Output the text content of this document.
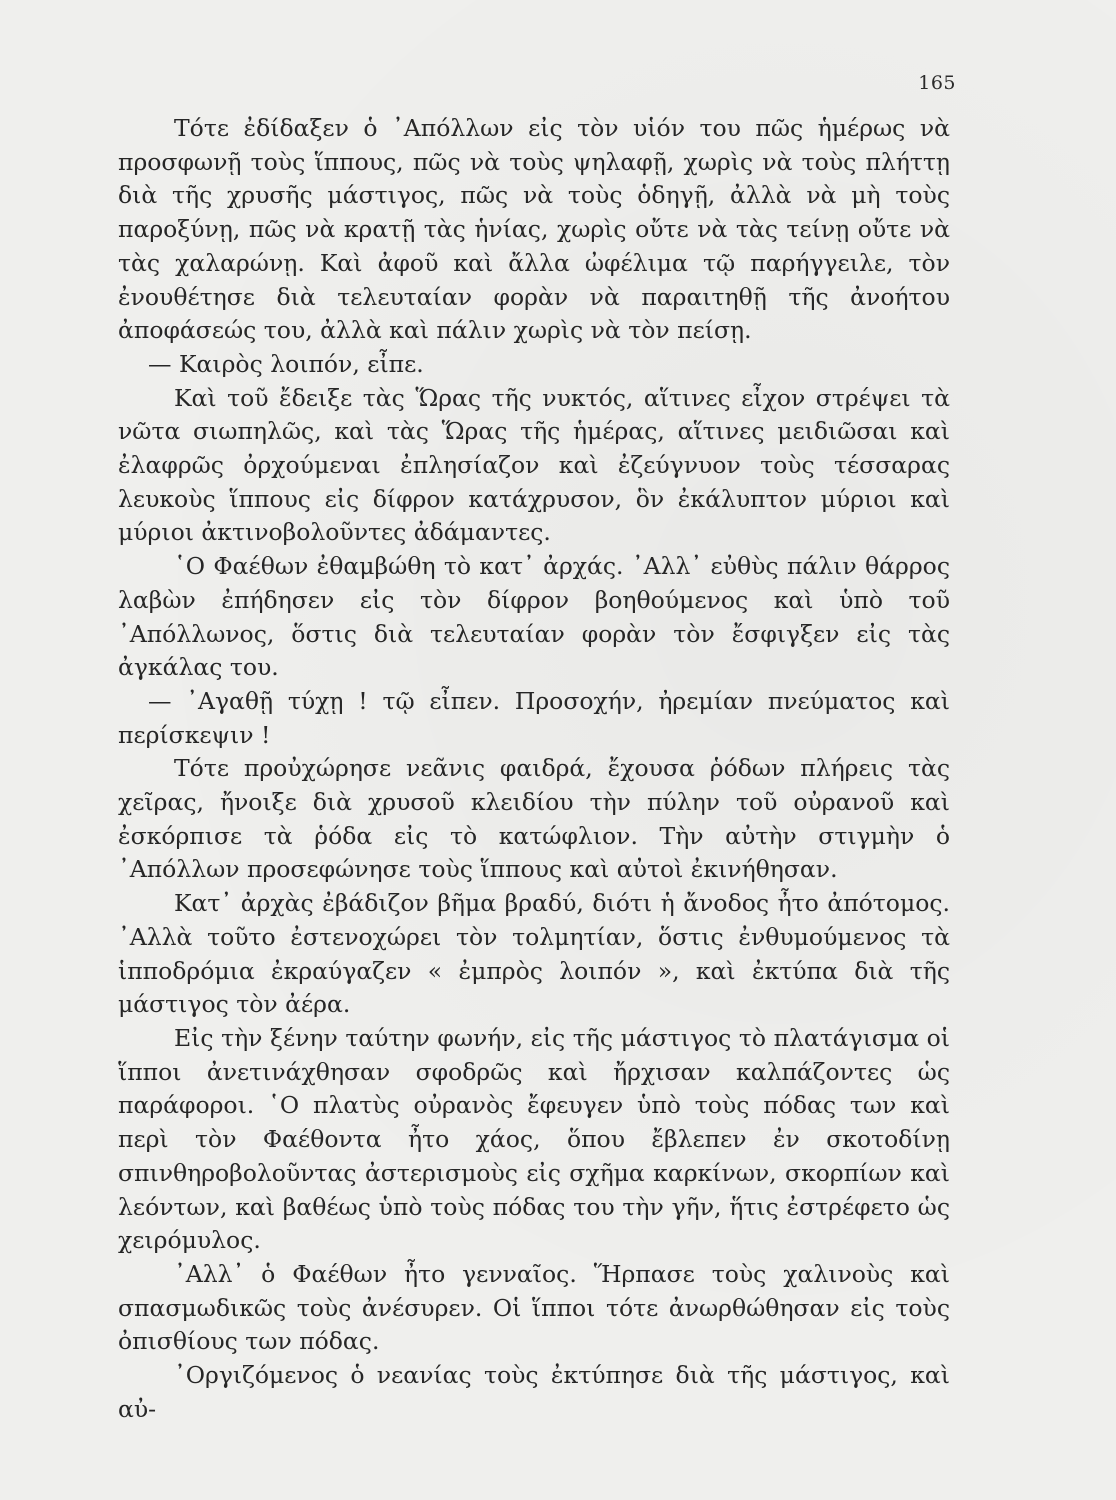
165

Τότε ἐδίδαξεν ὁ ᾿Απόλλων εἰς τὸν υἱόν του πῶς ἡμέρως νὰ προσφωνῇ τοὺς ἵππους, πῶς νὰ τοὺς ψηλαφῇ, χωρὶς νὰ τοὺς πλήττῃ διὰ τῆς χρυσῆς μάστιγος, πῶς νὰ τοὺς ὁδηγῇ, ἀλλὰ νὰ μὴ τοὺς παροξύνῃ, πῶς νὰ κρατῇ τὰς ἡνίας, χωρὶς οὔτε νὰ τὰς τείνῃ οὔτε νὰ τὰς χαλαρώνῃ. Καὶ ἀφοῦ καὶ ἄλλα ὠφέλιμα τῷ παρήγγειλε, τὸν ἐνουθέτησε διὰ τελευταίαν φορὰν νὰ παραιτηθῇ τῆς ἀνοήτου ἀποφάσεώς του, ἀλλὰ καὶ πάλιν χωρὶς νὰ τὸν πείσῃ.

— Καιρὸς λοιπόν, εἶπε.

Καὶ τοῦ ἔδειξε τὰς Ὥρας τῆς νυκτός, αἵτινες εἶχον στρέψει τὰ νῶτα σιωπηλῶς, καὶ τὰς Ὥρας τῆς ἡμέρας, αἵτινες μειδιῶσαι καὶ ἐλαφρῶς ὀρχούμεναι ἐπλησίαζον καὶ ἐζεύγνυον τοὺς τέσσαρας λευκοὺς ἵππους εἰς δίφρον κατάχρυσον, ὃν ἐκάλυπτον μύριοι καὶ μύριοι ἀκτινοβολοῦντες ἀδάμαντες.

῾Ο Φαέθων ἐθαμβώθη τὸ κατ᾿ ἀρχάς. ᾿Αλλ᾿ εὐθὺς πάλιν θάρρος λαβὼν ἐπήδησεν εἰς τὸν δίφρον βοηθούμενος καὶ ὑπὸ τοῦ ᾿Απόλλωνος, ὅστις διὰ τελευταίαν φορὰν τὸν ἔσφιγξεν εἰς τὰς ἀγκάλας του.

— ᾿Αγαθῇ τύχῃ ! τῷ εἶπεν. Προσοχήν, ἠρεμίαν πνεύματος καὶ περίσκεψιν !

Τότε προὐχώρησε νεᾶνις φαιδρά, ἔχουσα ῥόδων πλήρεις τὰς χεῖρας, ἤνοιξε διὰ χρυσοῦ κλειδίου τὴν πύλην τοῦ οὐρανοῦ καὶ ἐσκόρπισε τὰ ῥόδα εἰς τὸ κατώφλιον. Τὴν αὐτὴν στιγμὴν ὁ ᾿Απόλλων προσεφώνησε τοὺς ἵππους καὶ αὐτοὶ ἐκινήθησαν.

Κατ᾿ ἀρχὰς ἐβάδιζον βῆμα βραδύ, διότι ἡ ἄνοδος ἦτο ἀπότομος. ᾿Αλλὰ τοῦτο ἐστενοχώρει τὸν τολμητίαν, ὅστις ἐνθυμούμενος τὰ ἱπποδρόμια ἐκραύγαζεν « ἐμπρὸς λοιπόν », καὶ ἐκτύπα διὰ τῆς μάστιγος τὸν ἀέρα.

Εἰς τὴν ξένην ταύτην φωνήν, εἰς τῆς μάστιγος τὸ πλατάγισμα οἱ ἵπποι ἀνετινάχθησαν σφοδρῶς καὶ ἤρχισαν καλπάζοντες ὡς παράφοροι. ῾Ο πλατὺς οὐρανὸς ἔφευγεν ὑπὸ τοὺς πόδας των καὶ περὶ τὸν Φαέθοντα ἦτο χάος, ὅπου ἔβλεπεν ἐν σκοτοδίνῃ σπινθηροβολοῦντας ἀστερισμοὺς εἰς σχῆμα καρκίνων, σκορπίων καὶ λεόντων, καὶ βαθέως ὑπὸ τοὺς πόδας του τὴν γῆν, ἥτις ἐστρέφετο ὡς χειρόμυλος.

᾿Αλλ᾿ ὁ Φαέθων ἦτο γενναῖος. Ἥρπασε τοὺς χαλινοὺς καὶ σπασμωδικῶς τοὺς ἀνέσυρεν. Οἱ ἵπποι τότε ἀνωρθώθησαν εἰς τοὺς ὀπισθίους των πόδας.

᾿Οργιζόμενος ὁ νεανίας τοὺς ἐκτύπησε διὰ τῆς μάστιγος, καὶ αὐ-
